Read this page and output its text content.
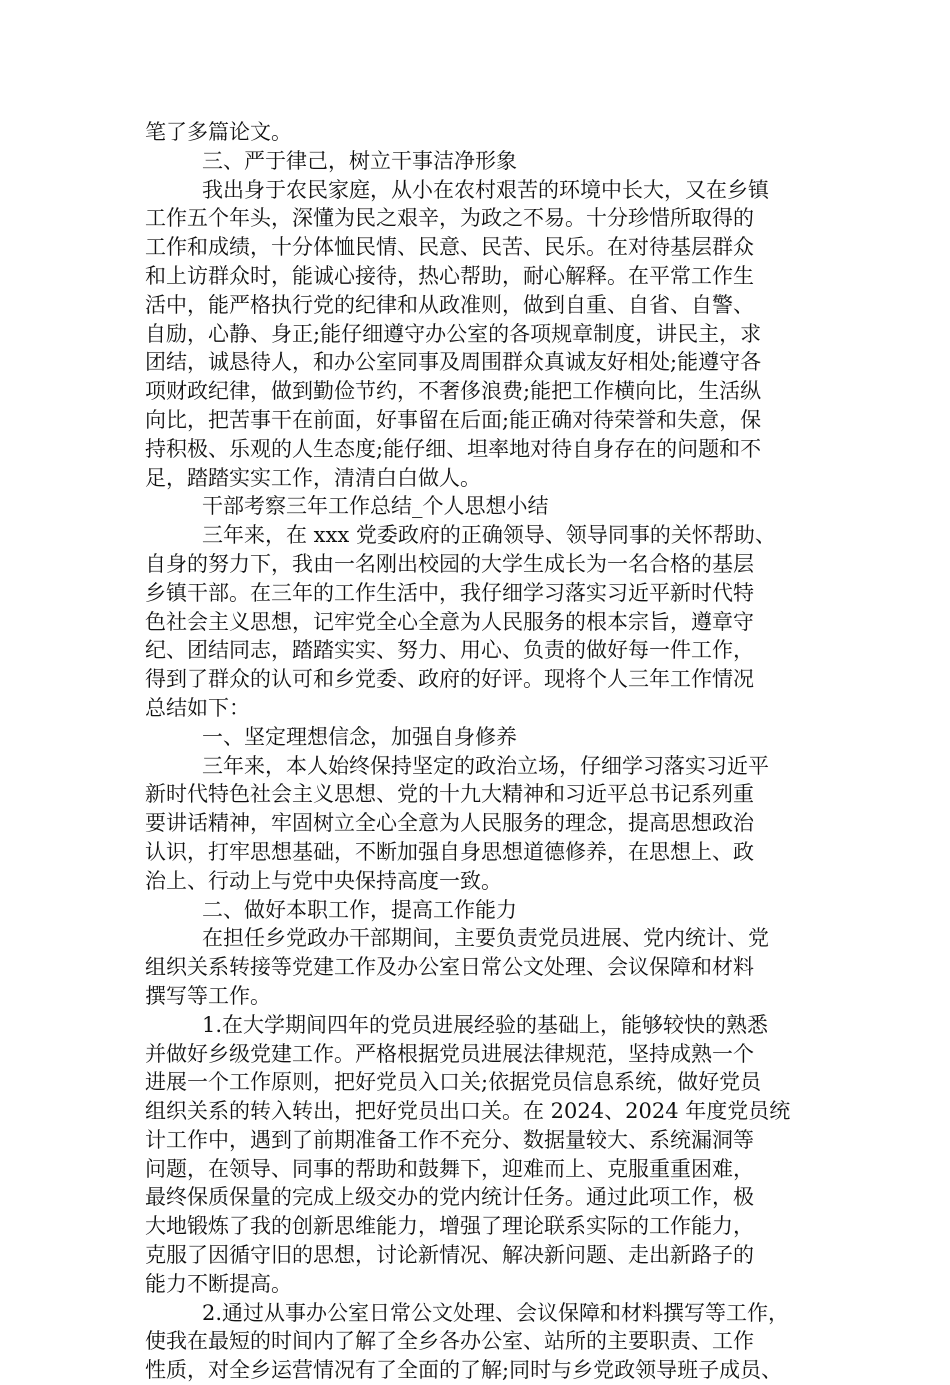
笔了多篇论文。
三、严于律己，树立干事洁净形象
我出身于农民家庭，从小在农村艰苦的环境中长大，又在乡镇
工作五个年头，深懂为民之艰辛，为政之不易。十分珍惜所取得的
工作和成绩，十分体恤民情、民意、民苦、民乐。在对待基层群众
和上访群众时，能诚心接待，热心帮助，耐心解释。在平常工作生
活中，能严格执行党的纪律和从政准则，做到自重、自省、自警、
自励，心静、身正;能仔细遵守办公室的各项规章制度，讲民主，求
团结，诚恳待人，和办公室同事及周围群众真诚友好相处;能遵守各
项财政纪律，做到勤俭节约，不奢侈浪费;能把工作横向比，生活纵
向比，把苦事干在前面，好事留在后面;能正确对待荣誉和失意，保
持积极、乐观的人生态度;能仔细、坦率地对待自身存在的问题和不
足，踏踏实实工作，清清白白做人。
干部考察三年工作总结_个人思想小结
三年来，在 xxx 党委政府的正确领导、领导同事的关怀帮助、
自身的努力下，我由一名刚出校园的大学生成长为一名合格的基层
乡镇干部。在三年的工作生活中，我仔细学习落实习近平新时代特
色社会主义思想，记牢党全心全意为人民服务的根本宗旨，遵章守
纪、团结同志，踏踏实实、努力、用心、负责的做好每一件工作，
得到了群众的认可和乡党委、政府的好评。现将个人三年工作情况
总结如下：
一、坚定理想信念，加强自身修养
三年来，本人始终保持坚定的政治立场，仔细学习落实习近平
新时代特色社会主义思想、党的十九大精神和习近平总书记系列重
要讲话精神，牢固树立全心全意为人民服务的理念，提高思想政治
认识，打牢思想基础，不断加强自身思想道德修养，在思想上、政
治上、行动上与党中央保持高度一致。
二、做好本职工作，提高工作能力
在担任乡党政办干部期间，主要负责党员进展、党内统计、党
组织关系转接等党建工作及办公室日常公文处理、会议保障和材料
撰写等工作。
1.在大学期间四年的党员进展经验的基础上，能够较快的熟悉
并做好乡级党建工作。严格根据党员进展法律规范，坚持成熟一个
进展一个工作原则，把好党员入口关;依据党员信息系统，做好党员
组织关系的转入转出，把好党员出口关。在 2024、2024 年度党员统
计工作中，遇到了前期准备工作不充分、数据量较大、系统漏洞等
问题，在领导、同事的帮助和鼓舞下，迎难而上、克服重重困难，
最终保质保量的完成上级交办的党内统计任务。通过此项工作，极
大地锻炼了我的创新思维能力，增强了理论联系实际的工作能力，
克服了因循守旧的思想，讨论新情况、解决新问题、走出新路子的
能力不断提高。
2.通过从事办公室日常公文处理、会议保障和材料撰写等工作，
使我在最短的时间内了解了全乡各办公室、站所的主要职责、工作
性质，对全乡运营情况有了全面的了解;同时与乡党政领导班子成员、
